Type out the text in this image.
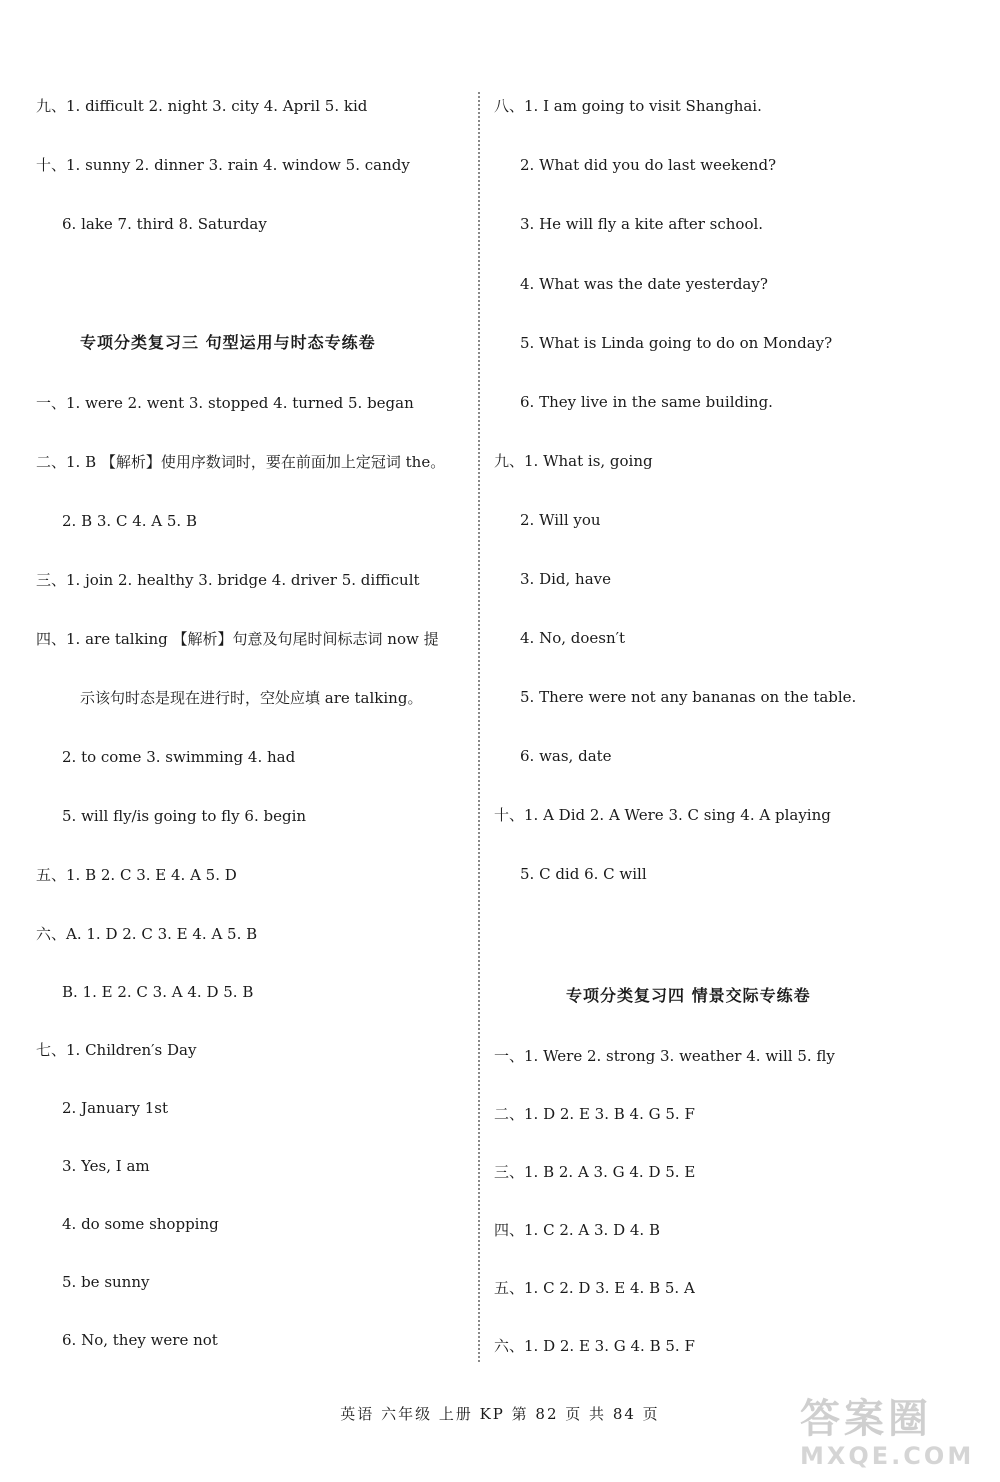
九、1. difficult 2. night 3. city 4. April 5. kid
十、1. sunny 2. dinner 3. rain 4. window 5. candy
6. lake 7. third 8. Saturday
专项分类复习三 句型运用与时态专练卷
一、1. were 2. went 3. stopped 4. turned 5. began
二、1. B 【解析】使用序数词时，要在前面加上定冠词 the。
2. B 3. C 4. A 5. B
三、1. join 2. healthy 3. bridge 4. driver 5. difficult
四、1. are talking 【解析】句意及句尾时间标志词 now 提
示该句时态是现在进行时，空处应填 are talking。
2. to come 3. swimming 4. had
5. will fly/is going to fly 6. begin
五、1. B 2. C 3. E 4. A 5. D
六、A. 1. D 2. C 3. E 4. A 5. B
B. 1. E 2. C 3. A 4. D 5. B
七、1. Children′s Day
2. January 1st
3. Yes, I am
4. do some shopping
5. be sunny
6. No, they were not
八、1. I am going to visit Shanghai.
2. What did you do last weekend?
3. He will fly a kite after school.
4. What was the date yesterday?
5. What is Linda going to do on Monday?
6. They live in the same building.
九、1. What is, going
2. Will you
3. Did, have
4. No, doesn′t
5. There were not any bananas on the table.
6. was, date
十、1. A Did 2. A Were 3. C sing 4. A playing
5. C did 6. C will
专项分类复习四 情景交际专练卷
一、1. Were 2. strong 3. weather 4. will 5. fly
二、1. D 2. E 3. B 4. G 5. F
三、1. B 2. A 3. G 4. D 5. E
四、1. C 2. A 3. D 4. B
五、1. C 2. D 3. E 4. B 5. A
六、1. D 2. E 3. G 4. B 5. F
英语 六年级 上册 KP 第 82 页 共 84 页	答案圈
MXQE.COM
